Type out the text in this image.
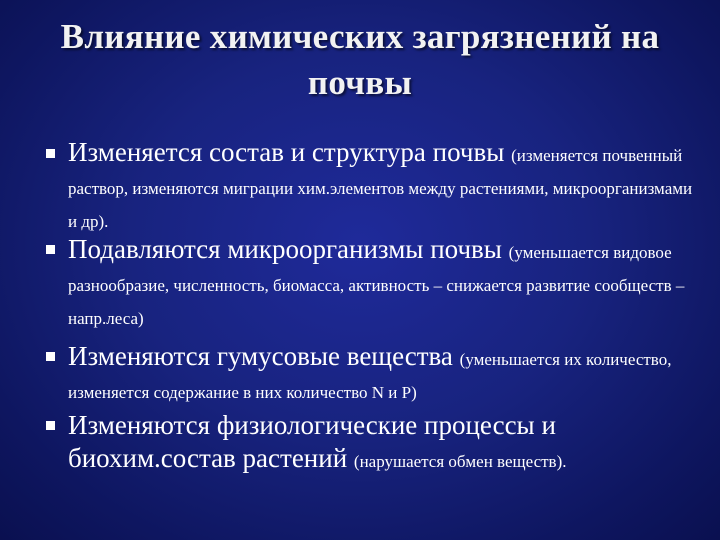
Влияние химических загрязнений на почвы
Изменяется состав и структура почвы (изменяется почвенный раствор, изменяются миграции хим.элементов между растениями, микроорганизмами и др).
Подавляются микроорганизмы почвы (уменьшается видовое разнообразие, численность, биомасса, активность – снижается развитие сообществ – напр.леса)
Изменяются гумусовые вещества (уменьшается их количество, изменяется содержание в них количество N и P)
Изменяются физиологические процессы и биохим.состав растений (нарушается обмен веществ).
